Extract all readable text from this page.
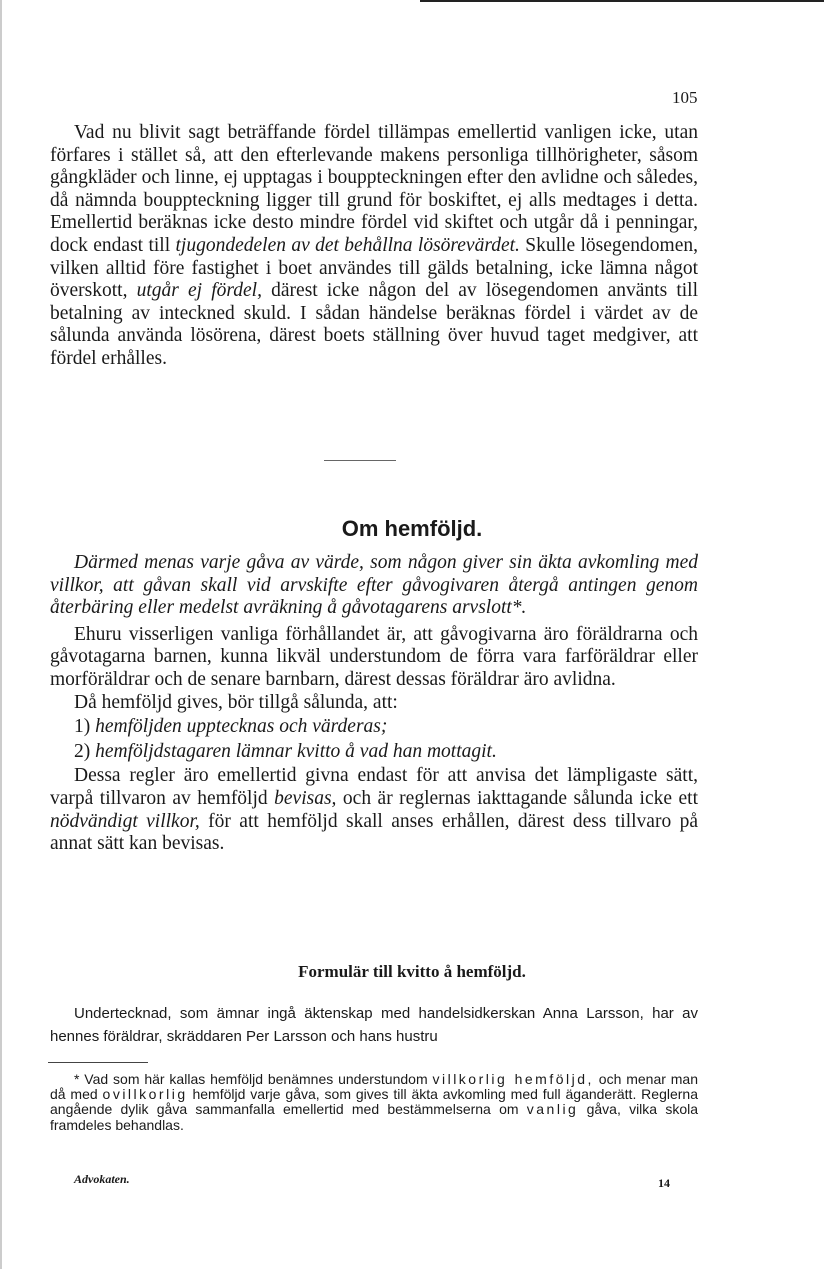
105

Vad nu blivit sagt beträffande fördel tillämpas emellertid vanligen icke, utan förfares i stället så, att den efterlevande makens personliga tillhörigheter, såsom gångkläder och linne, ej upptagas i bouppteckningen efter den avlidne och således, då nämnda bouppteckning ligger till grund för boskiftet, ej alls medtages i detta. Emellertid beräknas icke desto mindre fördel vid skiftet och utgår då i penningar, dock endast till tjugondedelen av det behållna lösörevärdet. Skulle lösegendomen, vilken alltid före fastighet i boet användes till gälds betalning, icke lämna något överskott, utgår ej fördel, därest icke någon del av lösegendomen använts till betalning av inteckned skuld. I sådan händelse beräknas fördel i värdet av de sålunda använda lösörena, därest boets ställning över huvud taget medgiver, att fördel erhålles.

Om hemföljd.

Därmed menas varje gåva av värde, som någon giver sin äkta avkomling med villkor, att gåvan skall vid arvskifte efter gåvogivaren återgå antingen genom återbäring eller medelst avräkning å gåvotagarens arvslott*.

Ehuru visserligen vanliga förhållandet är, att gåvogivarna äro föräldrarna och gåvotagarna barnen, kunna likväl understundom de förra vara farföräldrar eller morföräldrar och de senare barnbarn, därest dessas föräldrar äro avlidna.

Då hemföljd gives, bör tillgå sålunda, att:

1) hemföljden upptecknas och värderas;

2) hemföljdstagaren lämnar kvitto å vad han mottagit.

Dessa regler äro emellertid givna endast för att anvisa det lämpligaste sätt, varpå tillvaron av hemföljd bevisas, och är reglernas iakttagande sålunda icke ett nödvändigt villkor, för att hemföljd skall anses erhållen, därest dess tillvaro på annat sätt kan bevisas.

Formulär till kvitto å hemföljd.

Undertecknad, som ämnar ingå äktenskap med handelsidkerskan Anna Larsson, har av hennes föräldrar, skräddaren Per Larsson och hans hustru

* Vad som här kallas hemföljd benämnes understundom villkorlig hemföljd, och menar man då med ovillkorlig hemföljd varje gåva, som gives till äkta avkomling med full äganderätt. Reglerna angående dylik gåva sammanfalla emellertid med bestämmelserna om vanlig gåva, vilka skola framdeles behandlas.

Advokaten.	14
